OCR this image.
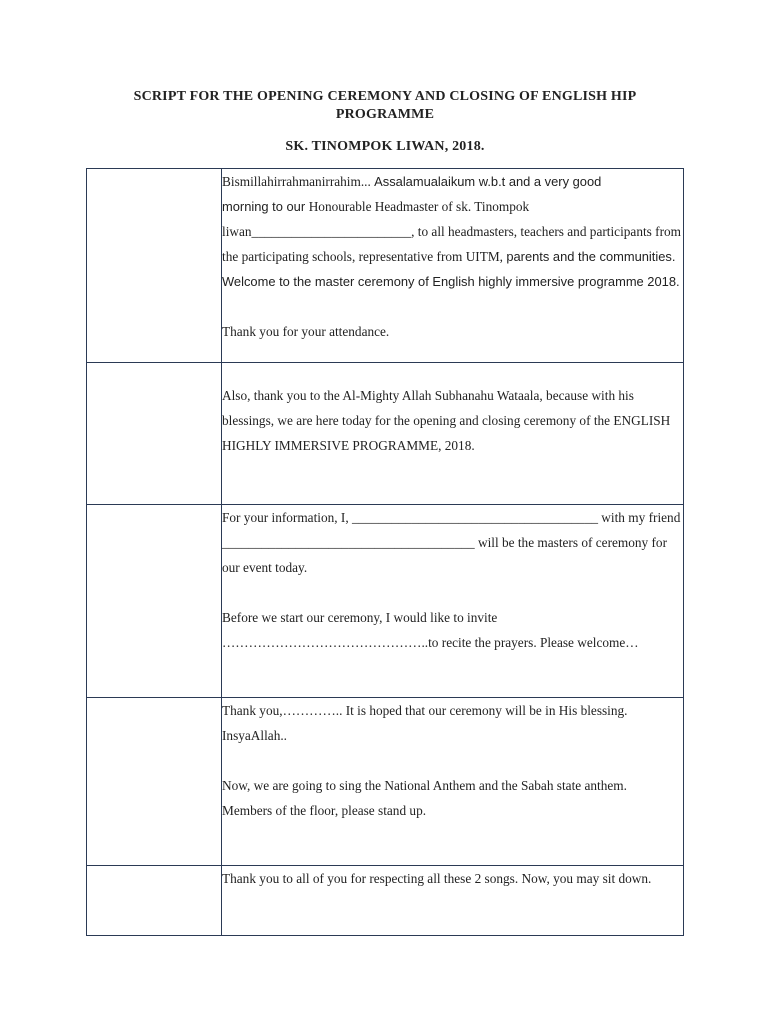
SCRIPT FOR THE OPENING CEREMONY AND CLOSING OF ENGLISH HIP PROGRAMME
SK. TINOMPOK LIWAN, 2018.

	Bismillahirrahmanirrahim... Assalamualaikum w.b.t and a very good
morning to our Honourable Headmaster of sk. Tinompok
liwan________________________, to all headmasters, teachers and participants from the participating schools, representative from UITM, parents and the communities. Welcome to the master ceremony of English highly immersive programme 2018.

Thank you for your attendance.

	Also, thank you to the Al-Mighty Allah Subhanahu Wataala, because with his blessings, we are here today for the opening and closing ceremony of the ENGLISH HIGHLY IMMERSIVE PROGRAMME, 2018.

	For your information, I, _____________________________________ with my friend ______________________________________ will be the masters of ceremony for our event today.

Before we start our ceremony, I would like to invite ………………………………………..to recite the prayers. Please welcome…

	Thank you,………….. It is hoped that our ceremony will be in His blessing. InsyaAllah..

Now, we are going to sing the National Anthem and the Sabah state anthem.

Members of the floor, please stand up.

	Thank you to all of you for respecting all these 2 songs. Now, you may sit down.
